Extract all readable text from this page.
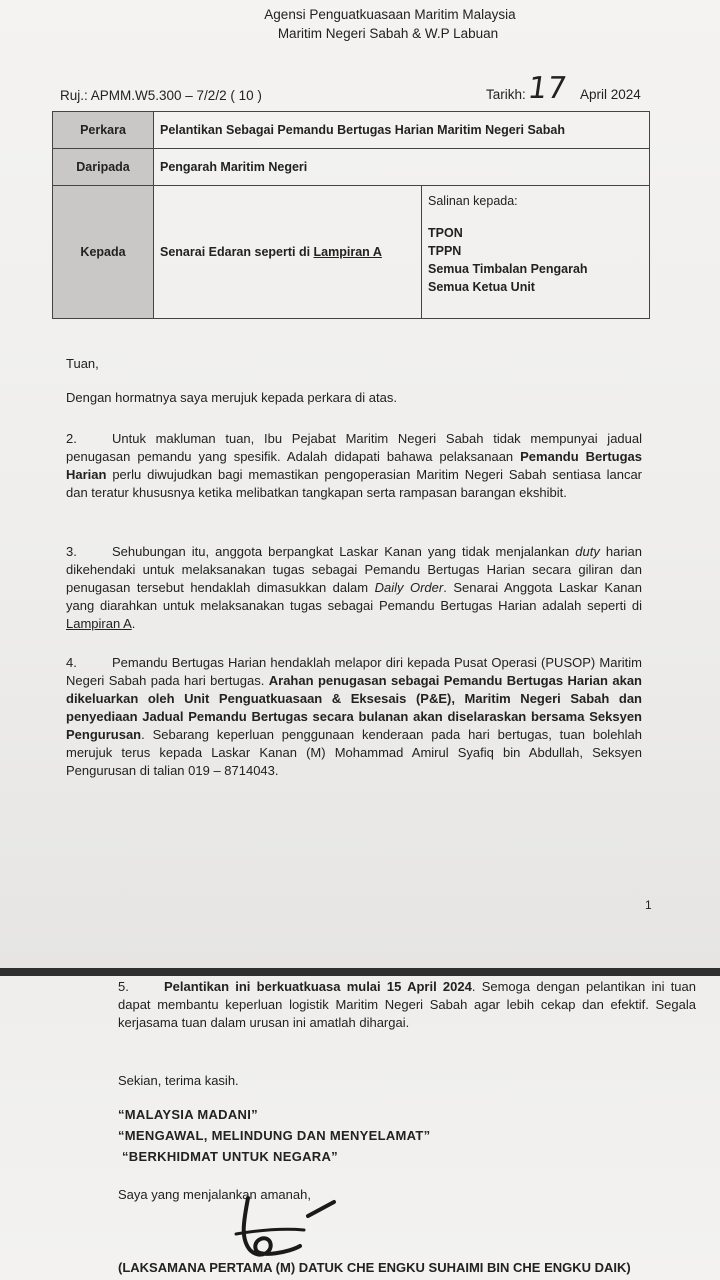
Agensi Penguatkuasaan Maritim Malaysia
Maritim Negeri Sabah & W.P Labuan
Ruj.: APMM.W5.300 – 7/2/2 ( 10 )	Tarikh: 17 April 2024
Perkara	Pelantikan Sebagai Pemandu Bertugas Harian Maritim Negeri Sabah	
Daripada	Pengarah Maritim Negeri	
Kepada	Senarai Edaran seperti di Lampiran A	Salinan kepada:
TPON
TPPN
Semua Timbalan Pengarah
Semua Ketua Unit
Tuan,
Dengan hormatnya saya merujuk kepada perkara di atas.
2.	Untuk makluman tuan, Ibu Pejabat Maritim Negeri Sabah tidak mempunyai jadual penugasan pemandu yang spesifik. Adalah didapati bahawa pelaksanaan Pemandu Bertugas Harian perlu diwujudkan bagi memastikan pengoperasian Maritim Negeri Sabah sentiasa lancar dan teratur khususnya ketika melibatkan tangkapan serta rampasan barangan ekshibit.
3.	Sehubungan itu, anggota berpangkat Laskar Kanan yang tidak menjalankan duty harian dikehendaki untuk melaksanakan tugas sebagai Pemandu Bertugas Harian secara giliran dan penugasan tersebut hendaklah dimasukkan dalam Daily Order. Senarai Anggota Laskar Kanan yang diarahkan untuk melaksanakan tugas sebagai Pemandu Bertugas Harian adalah seperti di Lampiran A.
4.	Pemandu Bertugas Harian hendaklah melapor diri kepada Pusat Operasi (PUSOP) Maritim Negeri Sabah pada hari bertugas. Arahan penugasan sebagai Pemandu Bertugas Harian akan dikeluarkan oleh Unit Penguatkuasaan & Eksesais (P&E), Maritim Negeri Sabah dan penyediaan Jadual Pemandu Bertugas secara bulanan akan diselaraskan bersama Seksyen Pengurusan. Sebarang keperluan penggunaan kenderaan pada hari bertugas, tuan bolehlah merujuk terus kepada Laskar Kanan (M) Mohammad Amirul Syafiq bin Abdullah, Seksyen Pengurusan di talian 019 – 8714043.
1
5.	Pelantikan ini berkuatkuasa mulai 15 April 2024. Semoga dengan pelantikan ini tuan dapat membantu keperluan logistik Maritim Negeri Sabah agar lebih cekap dan efektif. Segala kerjasama tuan dalam urusan ini amatlah dihargai.
Sekian, terima kasih.
“MALAYSIA MADANI”
“MENGAWAL, MELINDUNG DAN MENYELAMAT”
“BERKHIDMAT UNTUK NEGARA”
Saya yang menjalankan amanah,
(LAKSAMANA PERTAMA (M) DATUK CHE ENGKU SUHAIMI BIN CHE ENGKU DAIK)
